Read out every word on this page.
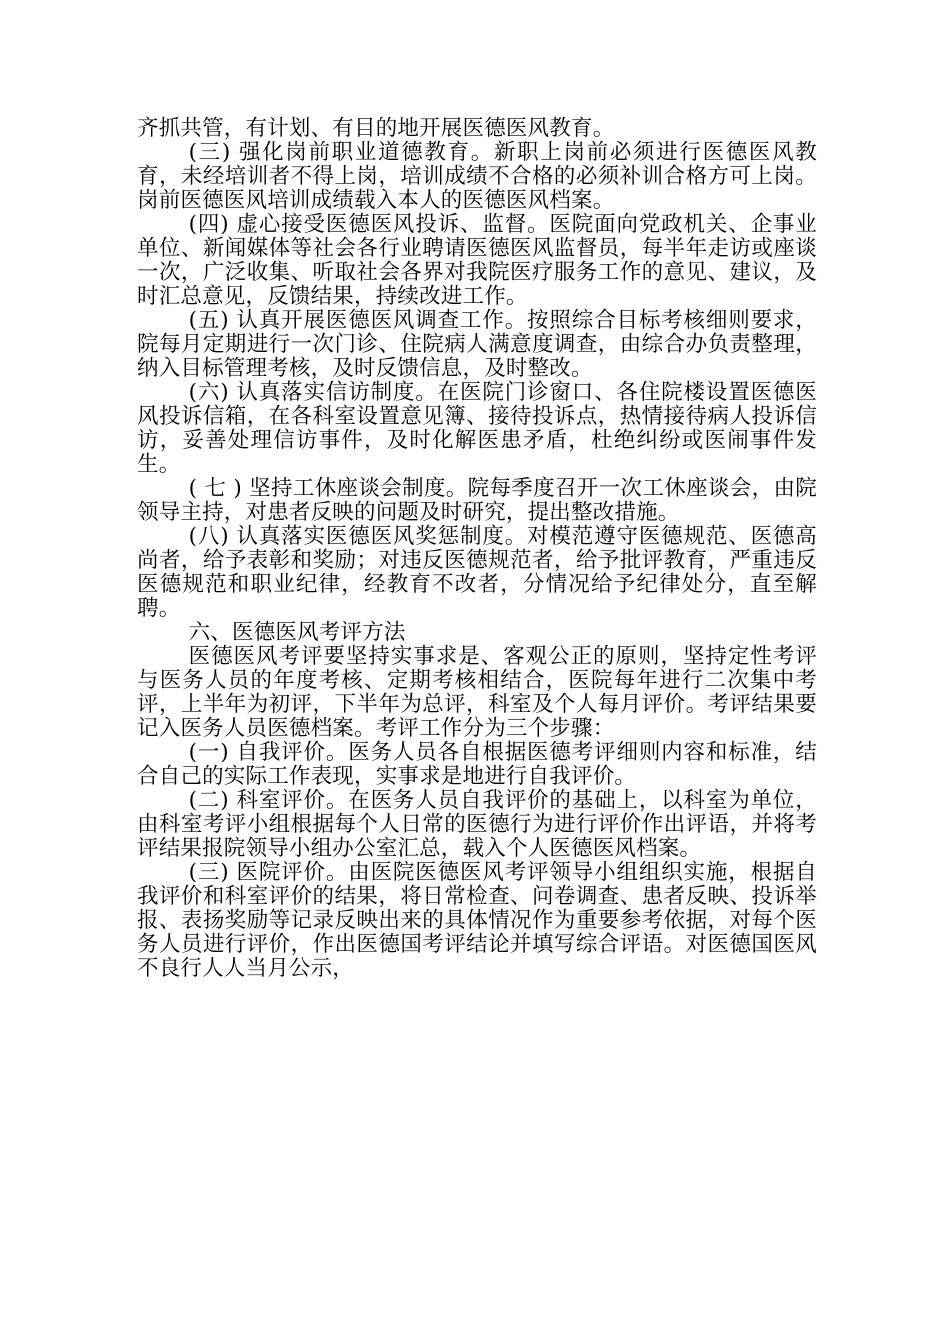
齐抓共管，有计划、有目的地开展医德医风教育。

(三) 强化岗前职业道德教育。新职上岗前必须进行医德医风教育，未经培训者不得上岗，培训成绩不合格的必须补训合格方可上岗。岗前医德医风培训成绩载入本人的医德医风档案。

(四) 虚心接受医德医风投诉、监督。医院面向党政机关、企事业单位、新闻媒体等社会各行业聘请医德医风监督员，每半年走访或座谈一次，广泛收集、听取社会各界对我院医疗服务工作的意见、建议，及时汇总意见，反馈结果，持续改进工作。

(五) 认真开展医德医风调查工作。按照综合目标考核细则要求，院每月定期进行一次门诊、住院病人满意度调查，由综合办负责整理，纳入目标管理考核，及时反馈信息，及时整改。

(六) 认真落实信访制度。在医院门诊窗口、各住院楼设置医德医风投诉信箱，在各科室设置意见簿、接待投诉点，热情接待病人投诉信访，妥善处理信访事件，及时化解医患矛盾，杜绝纠纷或医闹事件发生。

( 七 ) 坚持工休座谈会制度。院每季度召开一次工休座谈会，由院领导主持，对患者反映的问题及时研究，提出整改措施。

(八) 认真落实医德医风奖惩制度。对模范遵守医德规范、医德高尚者，给予表彰和奖励；对违反医德规范者，给予批评教育，严重违反医德规范和职业纪律，经教育不改者，分情况给予纪律处分，直至解聘。

六、医德医风考评方法

医德医风考评要坚持实事求是、客观公正的原则，坚持定性考评与医务人员的年度考核、定期考核相结合，医院每年进行二次集中考评，上半年为初评，下半年为总评，科室及个人每月评价。考评结果要记入医务人员医德档案。考评工作分为三个步骤：

(一) 自我评价。医务人员各自根据医德考评细则内容和标准，结合自己的实际工作表现，实事求是地进行自我评价。

(二) 科室评价。在医务人员自我评价的基础上，以科室为单位，由科室考评小组根据每个人日常的医德行为进行评价作出评语，并将考评结果报院领导小组办公室汇总，载入个人医德医风档案。

(三) 医院评价。由医院医德医风考评领导小组组织实施，根据自我评价和科室评价的结果，将日常检查、问卷调查、患者反映、投诉举报、表扬奖励等记录反映出来的具体情况作为重要参考依据，对每个医务人员进行评价，作出医德国考评结论并填写综合评语。对医德国医风不良行人人当月公示，
